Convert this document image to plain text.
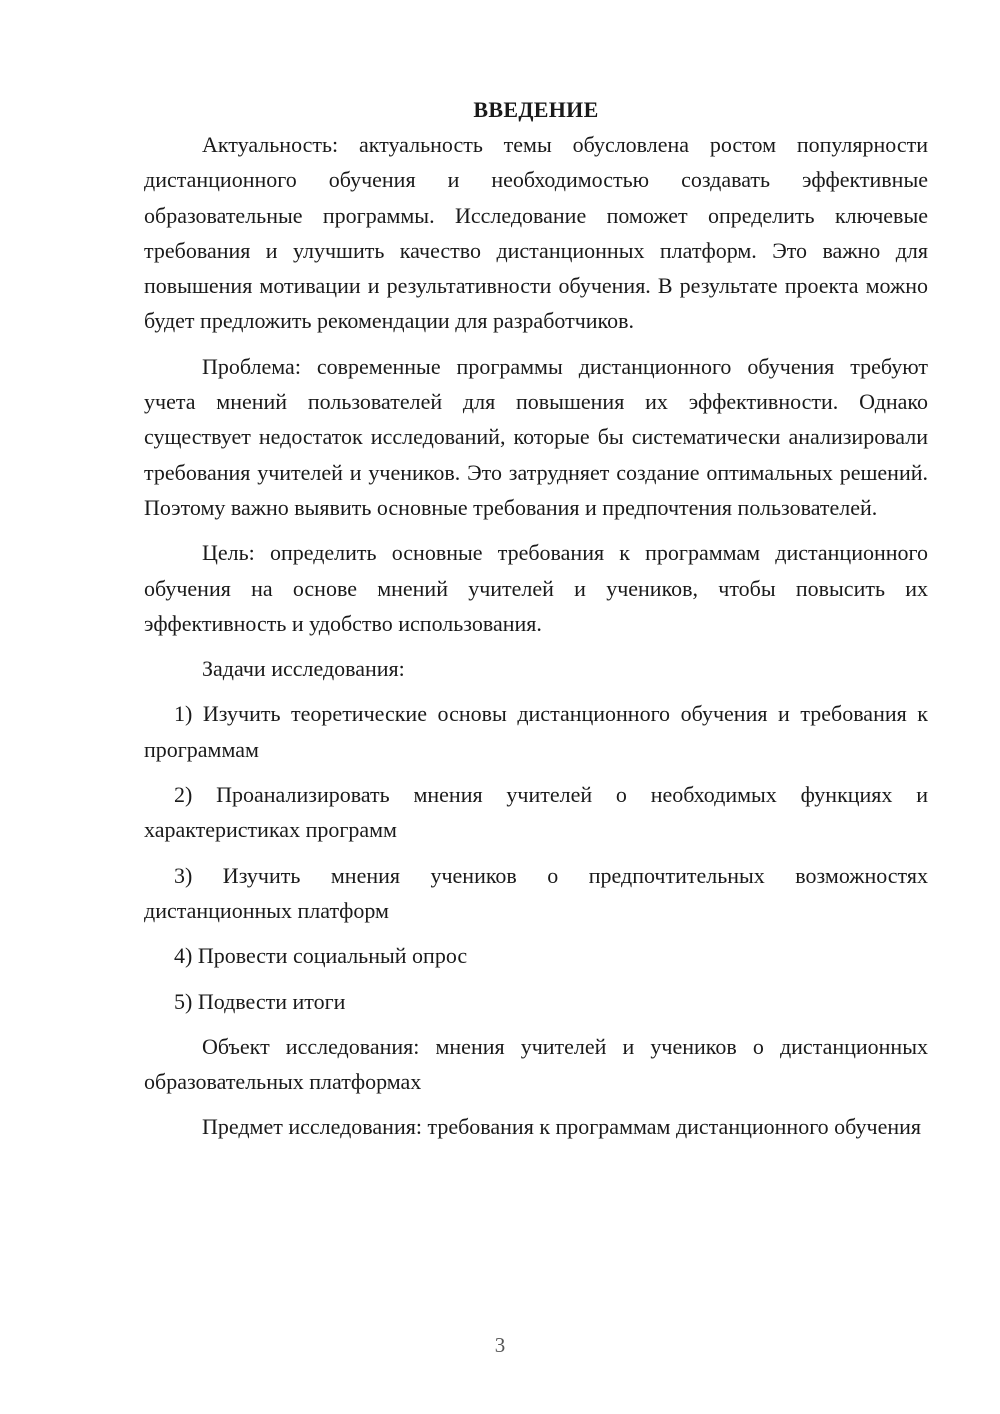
ВВЕДЕНИЕ

Актуальность: актуальность темы обусловлена ростом популярности дистанционного обучения и необходимостью создавать эффективные образовательные программы. Исследование поможет определить ключевые требования и улучшить качество дистанционных платформ. Это важно для повышения мотивации и результативности обучения. В результате проекта можно будет предложить рекомендации для разработчиков.

Проблема: современные программы дистанционного обучения требуют учета мнений пользователей для повышения их эффективности. Однако существует недостаток исследований, которые бы систематически анализировали требования учителей и учеников. Это затрудняет создание оптимальных решений. Поэтому важно выявить основные требования и предпочтения пользователей.

Цель: определить основные требования к программам дистанционного обучения на основе мнений учителей и учеников, чтобы повысить их эффективность и удобство использования.

Задачи исследования:

1) Изучить теоретические основы дистанционного обучения и требования к программам

2) Проанализировать мнения учителей о необходимых функциях и характеристиках программ

3) Изучить мнения учеников о предпочтительных возможностях дистанционных платформ

4) Провести социальный опрос

5) Подвести итоги

Объект исследования: мнения учителей и учеников о дистанционных образовательных платформах

Предмет исследования: требования к программам дистанционного обучения

3
